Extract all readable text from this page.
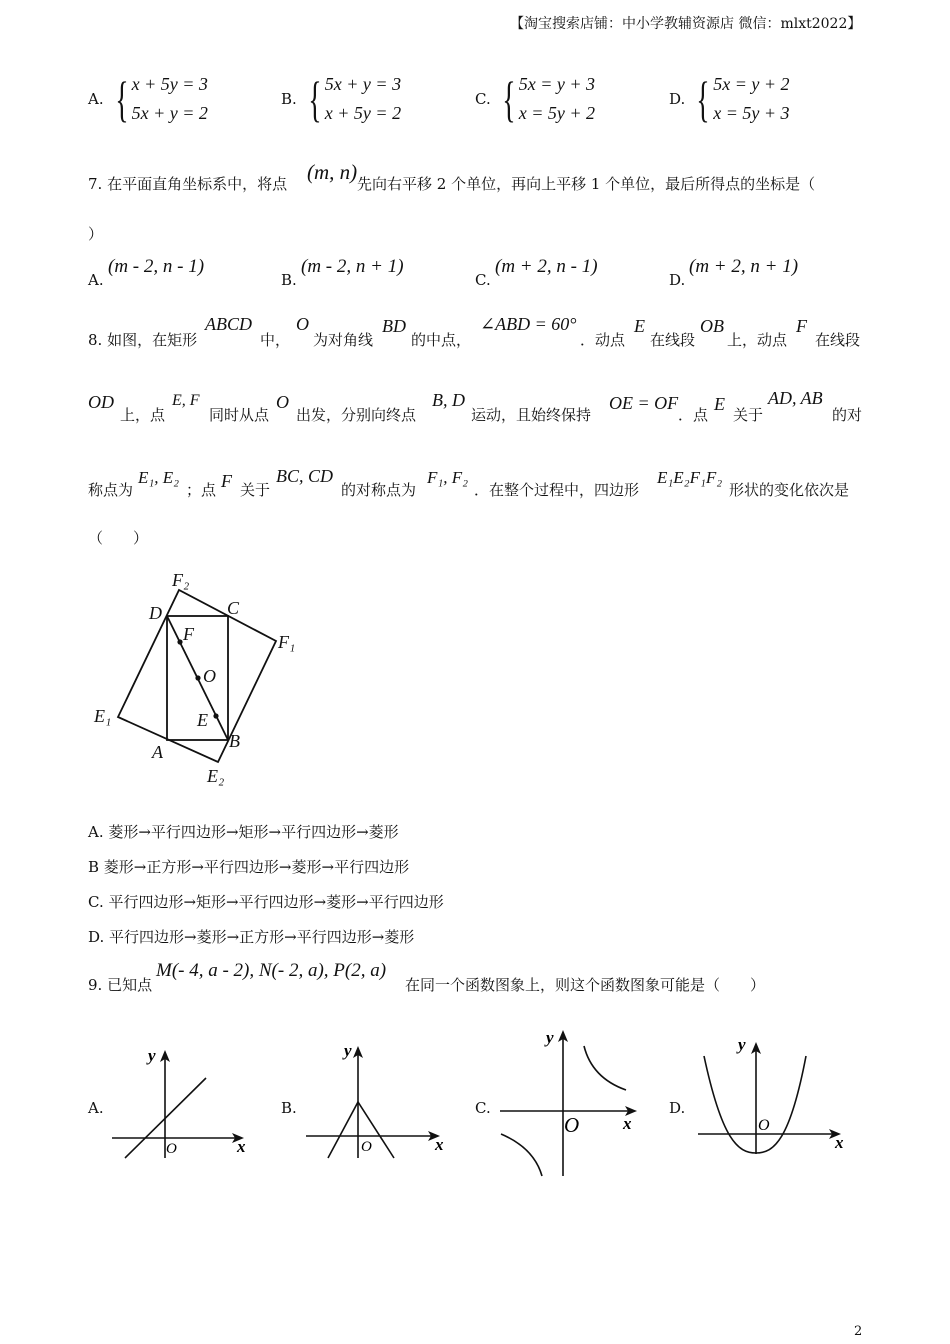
【淘宝搜索店铺：中小学教辅资源店 微信：mlxt2022】
A. { x + 5y = 3
5x + y = 2
B. { 5x + y = 3
x + 5y = 2
C. { 5x = y + 3
x = 5y + 2
D. { 5x = y + 2
x = 5y + 3
7. 在平面直角坐标系中，将点 (m, n) 先向右平移 2 个单位，再向上平移 1 个单位，最后所得点的坐标是（
）
A.
(m - 2, n - 1)
B.
(m - 2, n + 1)
C.
(m + 2, n - 1)
D.
(m + 2, n + 1)
8. 如图，在矩形
ABCD
中，
O
为对角线
BD
的中点，
∠ABD = 60°
．动点
E
在线段
OB
上，动点
F
在线段
OD
上，点
E, F
同时从点
O
出发，分别向终点
B, D
运动，且始终保持
OE = OF
．点
E
关于
AD, AB
的对
称点为
E₁, E₂
；点 F 关于
BC, CD
的对称点为
F₁, F₂
．在整个过程中，四边形
E₁E₂F₁F₂
形状的变化依次是
（　　）
F₂
D	C
F	F₁
O
E₁	E
B
A
E₂
A. 菱形→平行四边形→矩形→平行四边形→菱形
B 菱形→正方形→平行四边形→菱形→平行四边形
C. 平行四边形→矩形→平行四边形→菱形→平行四边形
D. 平行四边形→菱形→正方形→平行四边形→菱形
9. 已知点
M(- 4, a - 2), N(- 2, a), P(2, a)
在同一个函数图象上，则这个函数图象可能是（　　）
A.
x
y
O
B.
x
y
O
C.
x
y
O
D.
x
y
O
2
